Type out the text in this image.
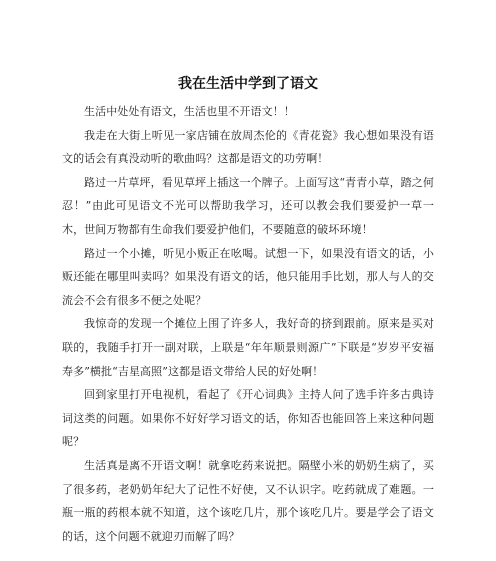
我在生活中学到了语文

生活中处处有语文，生活也里不开语文！！

我走在大街上听见一家店铺在放周杰伦的《青花瓷》我心想如果没有语文的话会有真没动听的歌曲吗？这都是语文的功劳啊！

路过一片草坪，看见草坪上插这一个牌子。上面写这“青青小草，踏之何忍！”由此可见语文不光可以帮助我学习，还可以教会我们要爱护一草一木，世间万物都有生命我们要爱护他们，不要随意的破坏环境！

路过一个小摊，听见小贩正在吆喝。试想一下，如果没有语文的话，小贩还能在哪里叫卖吗？如果没有语文的话，他只能用手比划，那人与人的交流会不会有很多不便之处呢？

我惊奇的发现一个摊位上围了许多人，我好奇的挤到跟前。原来是买对联的，我随手打开一副对联，上联是“年年顺景则源广”下联是“岁岁平安福寿多”横批“吉星高照”这都是语文带给人民的好处啊！

回到家里打开电视机，看起了《开心词典》主持人问了选手许多古典诗词这类的问题。如果你不好好学习语文的话，你知否也能回答上来这种问题呢？

生活真是离不开语文啊！就拿吃药来说把。隔壁小米的奶奶生病了，买了很多药，老奶奶年纪大了记性不好使，又不认识字。吃药就成了难题。一瓶一瓶的药根本就不知道，这个该吃几片，那个该吃几片。要是学会了语文的话，这个问题不就迎刃而解了吗？
